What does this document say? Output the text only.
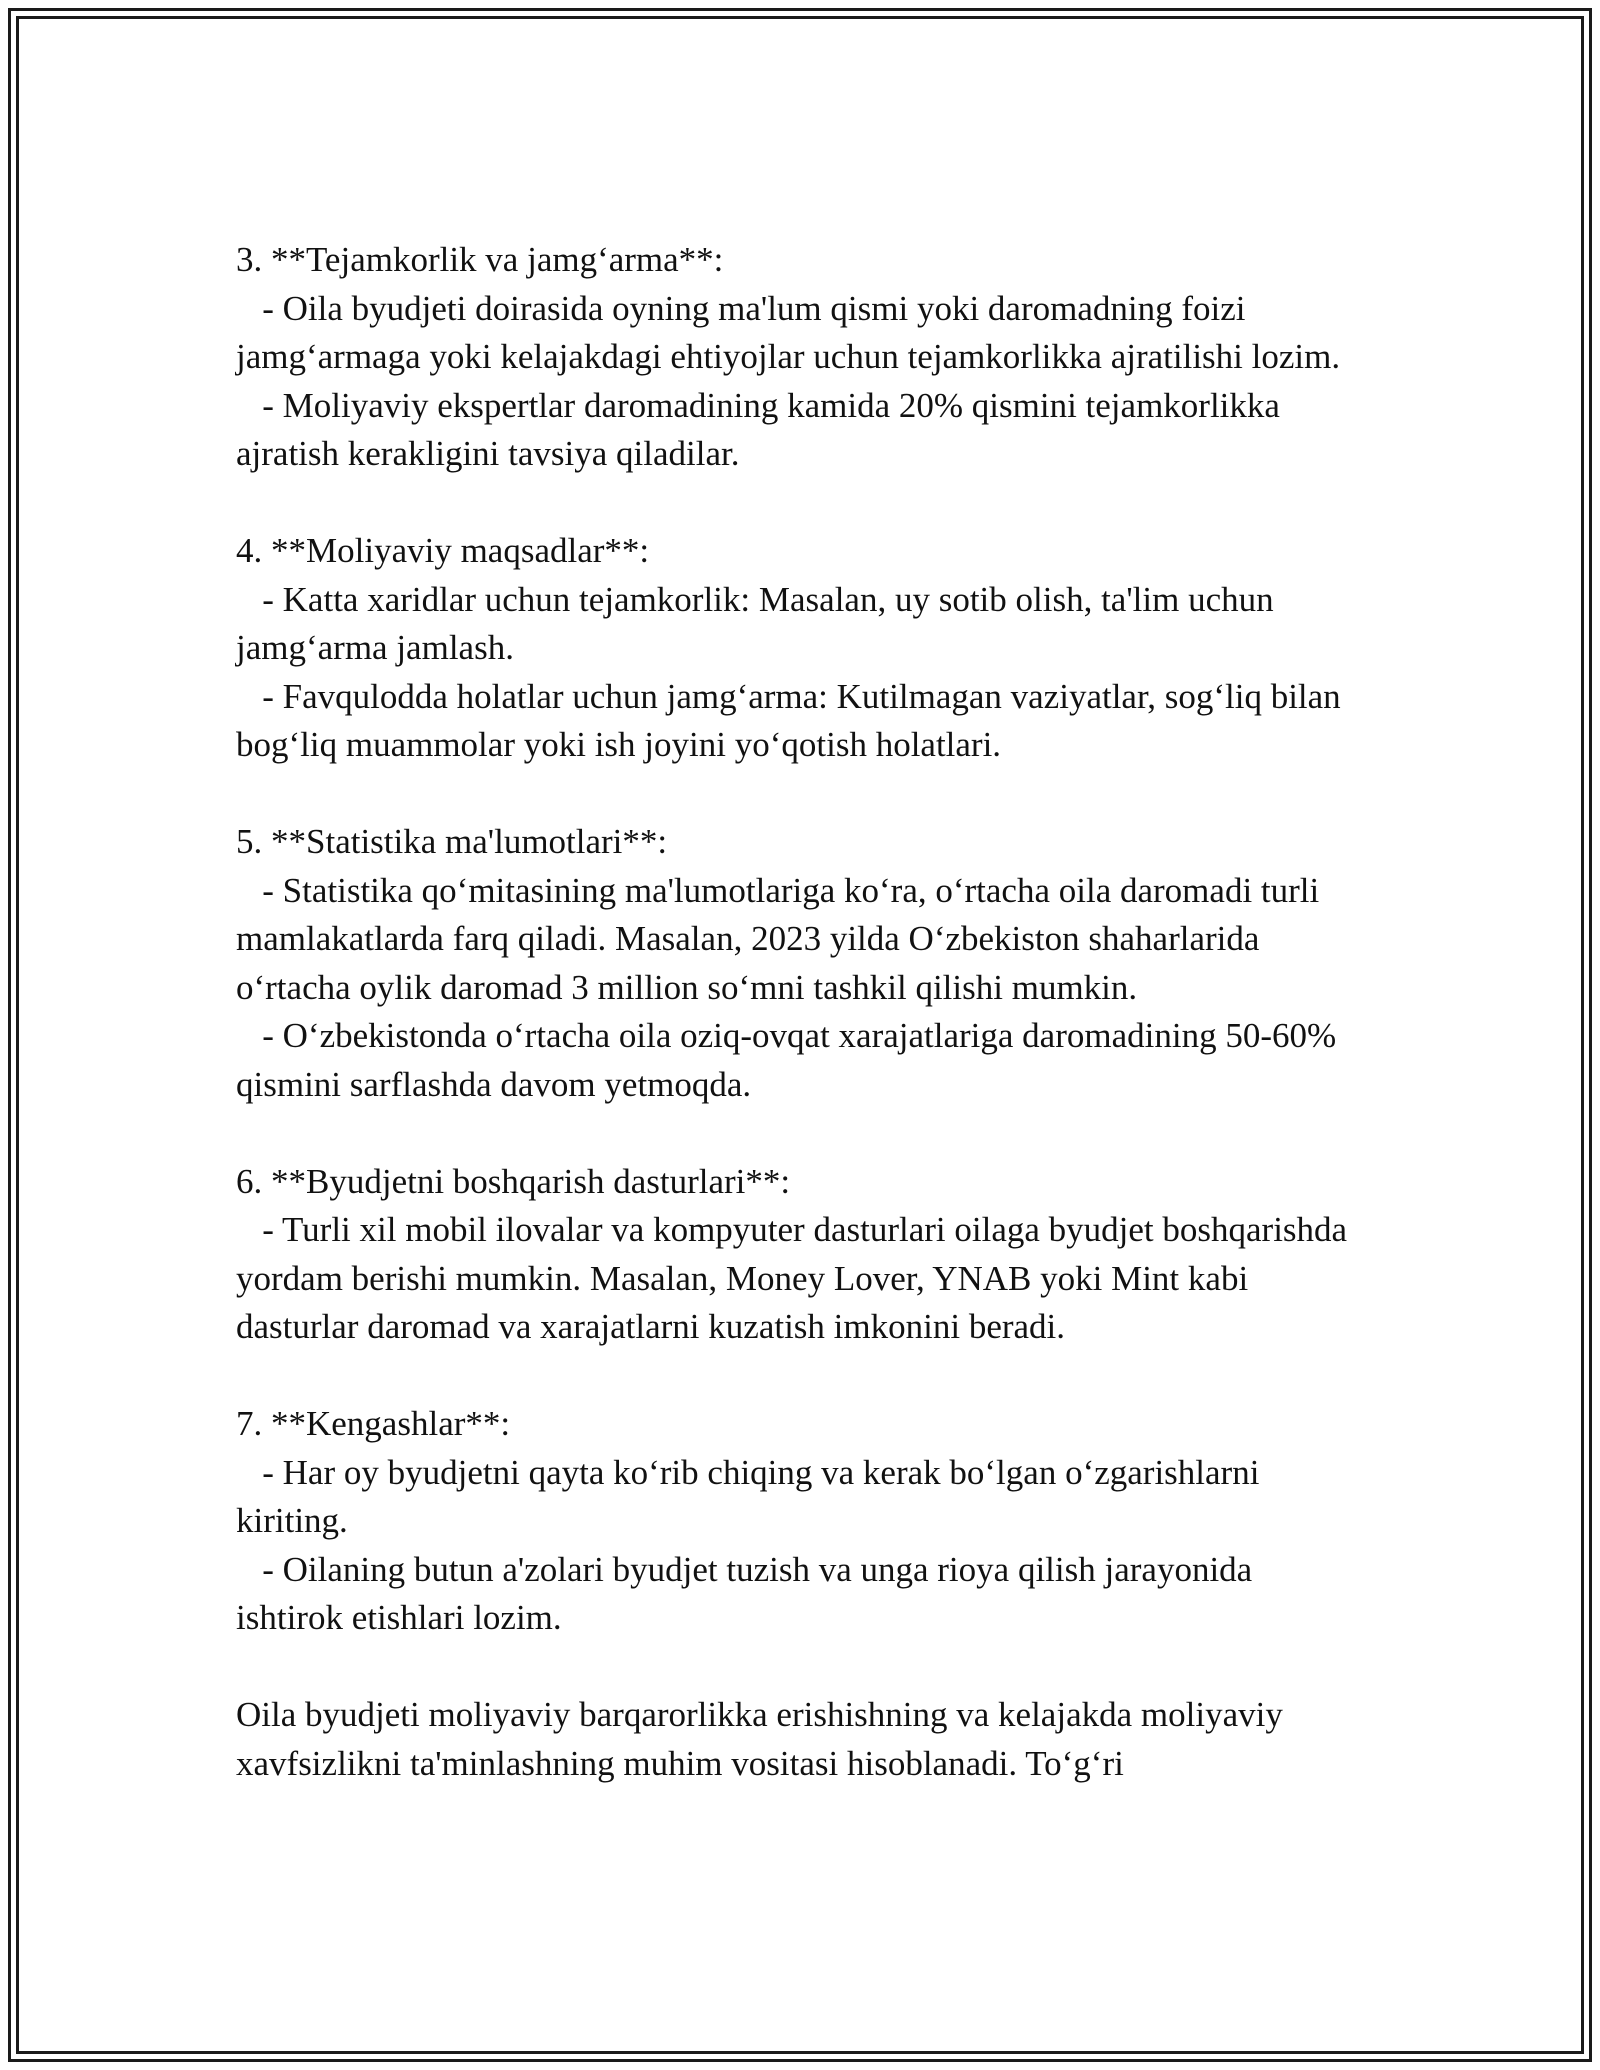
3. **Tejamkorlik va jamg‘arma**:
- Oila byudjeti doirasida oyning ma'lum qismi yoki daromadning foizi jamg‘armaga yoki kelajakdagi ehtiyojlar uchun tejamkorlikka ajratilishi lozim.
- Moliyaviy ekspertlar daromadining kamida 20% qismini tejamkorlikka ajratish kerakligini tavsiya qiladilar.
4. **Moliyaviy maqsadlar**:
- Katta xaridlar uchun tejamkorlik: Masalan, uy sotib olish, ta'lim uchun jamg‘arma jamlash.
- Favqulodda holatlar uchun jamg‘arma: Kutilmagan vaziyatlar, sog‘liq bilan bog‘liq muammolar yoki ish joyini yo‘qotish holatlari.
5. **Statistika ma'lumotlari**:
- Statistika qo‘mitasining ma'lumotlariga ko‘ra, o‘rtacha oila daromadi turli mamlakatlarda farq qiladi. Masalan, 2023 yilda O‘zbekiston shaharlarida o‘rtacha oylik daromad 3 million so‘mni tashkil qilishi mumkin.
- O‘zbekistonda o‘rtacha oila oziq-ovqat xarajatlariga daromadining 50-60% qismini sarflashda davom yetmoqda.
6. **Byudjetni boshqarish dasturlari**:
- Turli xil mobil ilovalar va kompyuter dasturlari oilaga byudjet boshqarishda yordam berishi mumkin. Masalan, Money Lover, YNAB yoki Mint kabi dasturlar daromad va xarajatlarni kuzatish imkonini beradi.
7. **Kengashlar**:
- Har oy byudjetni qayta ko‘rib chiqing va kerak bo‘lgan o‘zgarishlarni kiriting.
- Oilaning butun a'zolari byudjet tuzish va unga rioya qilish jarayonida ishtirok etishlari lozim.
Oila byudjeti moliyaviy barqarorlikka erishishning va kelajakda moliyaviy xavfsizlikni ta'minlashning muhim vositasi hisoblanadi. To‘g‘ri
